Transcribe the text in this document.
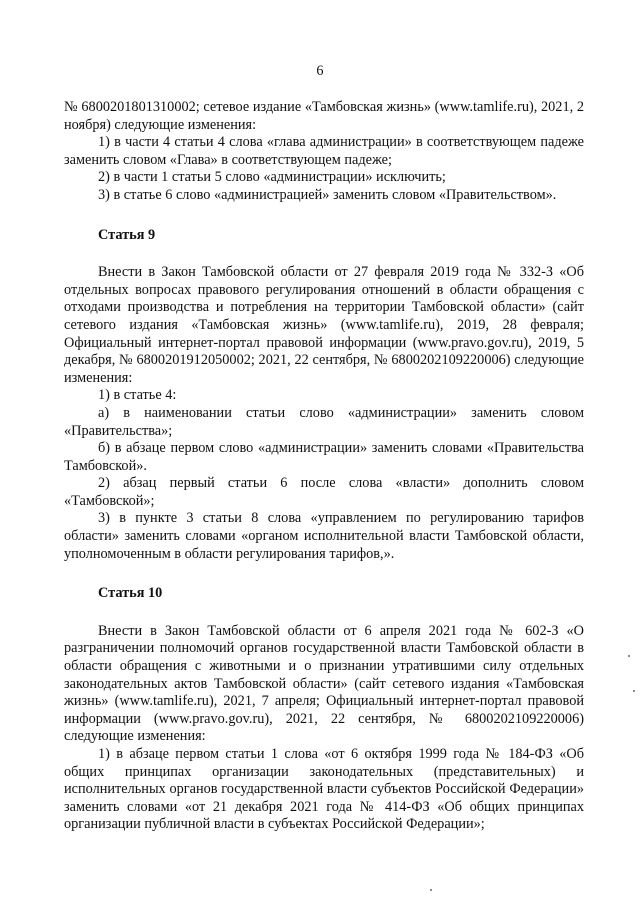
6

№ 6800201801310002; сетевое издание «Тамбовская жизнь» (www.tamlife.ru), 2021, 2 ноября) следующие изменения:

1) в части 4 статьи 4 слова «глава администрации» в соответствующем падеже заменить словом «Глава» в соответствующем падеже;

2) в части 1 статьи 5 слово «администрации» исключить;

3) в статье 6 слово «администрацией» заменить словом «Правительством».

Статья 9

Внести в Закон Тамбовской области от 27 февраля 2019 года № 332-З «Об отдельных вопросах правового регулирования отношений в области обращения с отходами производства и потребления на территории Тамбовской области» (сайт сетевого издания «Тамбовская жизнь» (www.tamlife.ru), 2019, 28 февраля; Официальный интернет-портал правовой информации (www.pravo.gov.ru), 2019, 5 декабря, № 6800201912050002; 2021, 22 сентября, № 6800202109220006) следующие изменения:

1) в статье 4:

а) в наименовании статьи слово «администрации» заменить словом «Правительства»;

б) в абзаце первом слово «администрации» заменить словами «Правительства Тамбовской».

2) абзац первый статьи 6 после слова «власти» дополнить словом «Тамбовской»;

3) в пункте 3 статьи 8 слова «управлением по регулированию тарифов области» заменить словами «органом исполнительной власти Тамбовской области, уполномоченным в области регулирования тарифов,».

Статья 10

Внести в Закон Тамбовской области от 6 апреля 2021 года № 602-З «О разграничении полномочий органов государственной власти Тамбовской области в области обращения с животными и о признании утратившими силу отдельных законодательных актов Тамбовской области» (сайт сетевого издания «Тамбовская жизнь» (www.tamlife.ru), 2021, 7 апреля; Официальный интернет-портал правовой информации (www.pravo.gov.ru), 2021, 22 сентября, № 6800202109220006) следующие изменения:

1) в абзаце первом статьи 1 слова «от 6 октября 1999 года № 184-ФЗ «Об общих принципах организации законодательных (представительных) и исполнительных органов государственной власти субъектов Российской Федерации» заменить словами «от 21 декабря 2021 года № 414-ФЗ «Об общих принципах организации публичной власти в субъектах Российской Федерации»;
